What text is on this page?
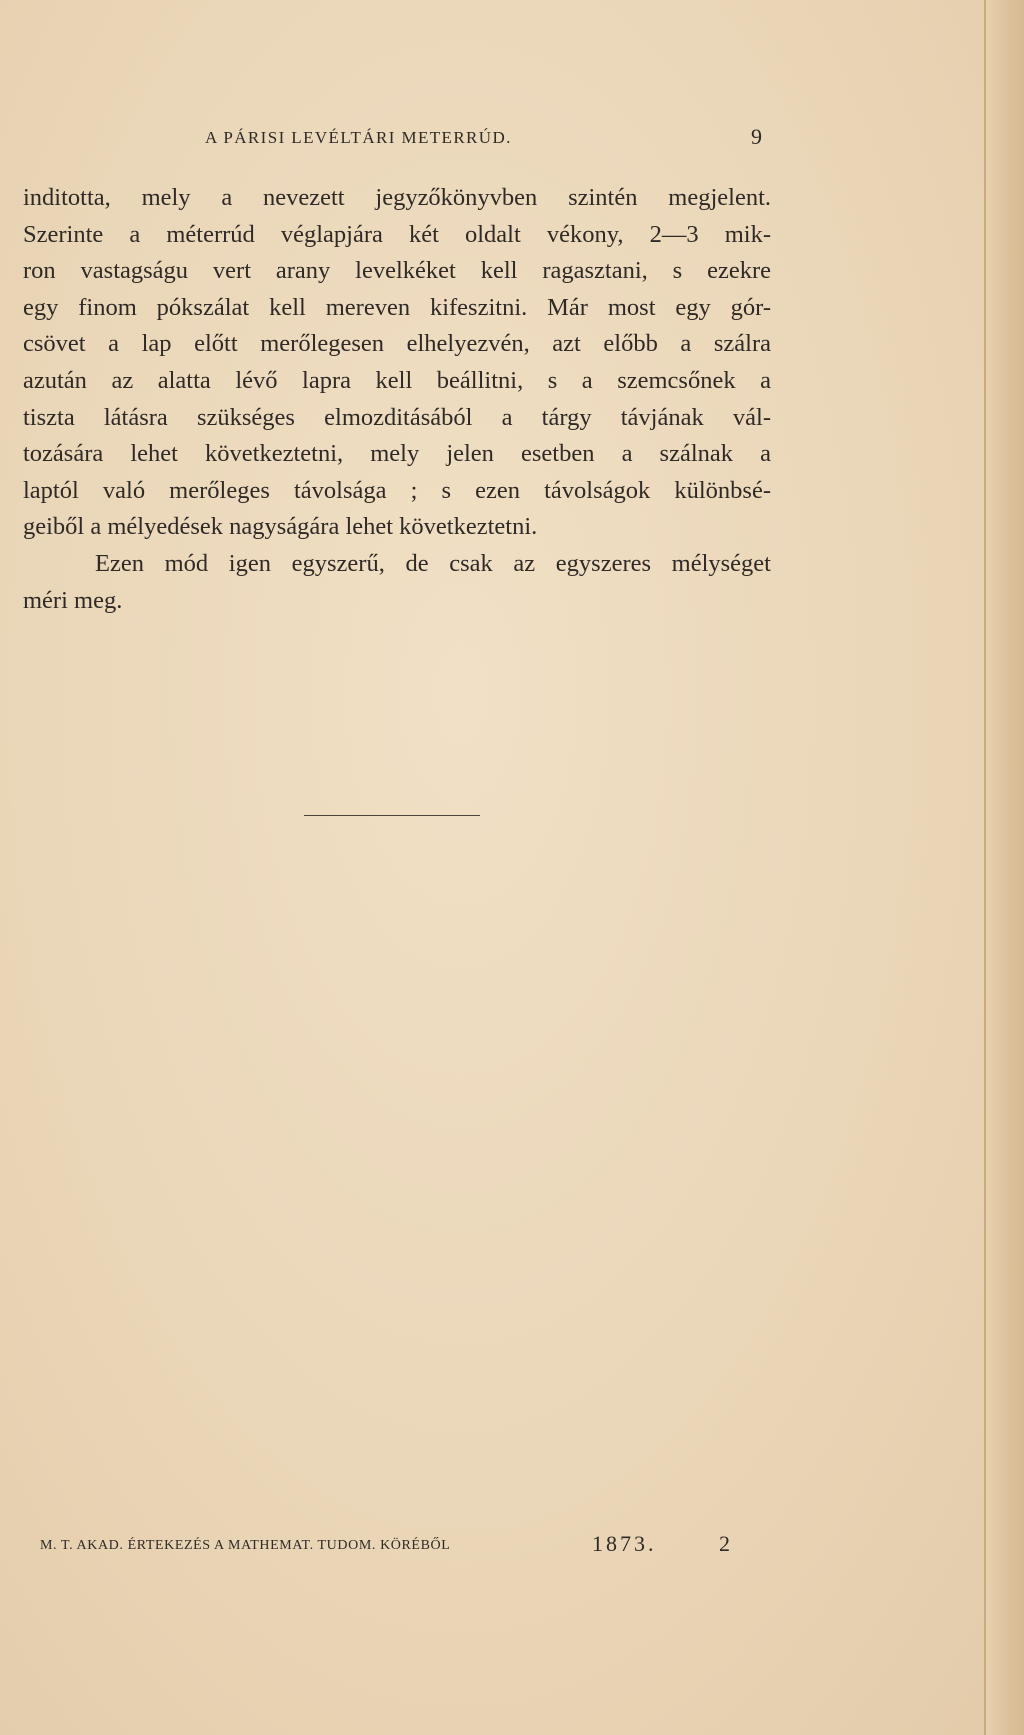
A PÁRISI LEVÉLTÁRI METERRÚD.	9
inditotta, mely a nevezett jegyzőkönyvben szintén megjelent.
Szerinte a méterrúd véglapjára két oldalt vékony, 2—3 mik-
ron vastagságu vert arany levelkéket kell ragasztani, s ezekre
egy finom pókszálat kell mereven kifeszitni. Már most egy gór-
csövet a lap előtt merőlegesen elhelyezvén, azt előbb a szálra
azután az alatta lévő lapra kell beállitni, s a szemcsőnek a
tiszta látásra szükséges elmozditásából a tárgy távjának vál-
tozására lehet következtetni, mely jelen esetben a szálnak a
laptól való merőleges távolsága ; s ezen távolságok különbsé-
geiből a mélyedések nagyságára lehet következtetni.
Ezen mód igen egyszerű, de csak az egyszeres mélységet
méri meg.
M. T. AKAD. ÉRTEKEZÉS A MATHEMAT. TUDOM. KÖRÉBŐL	1873.	2
